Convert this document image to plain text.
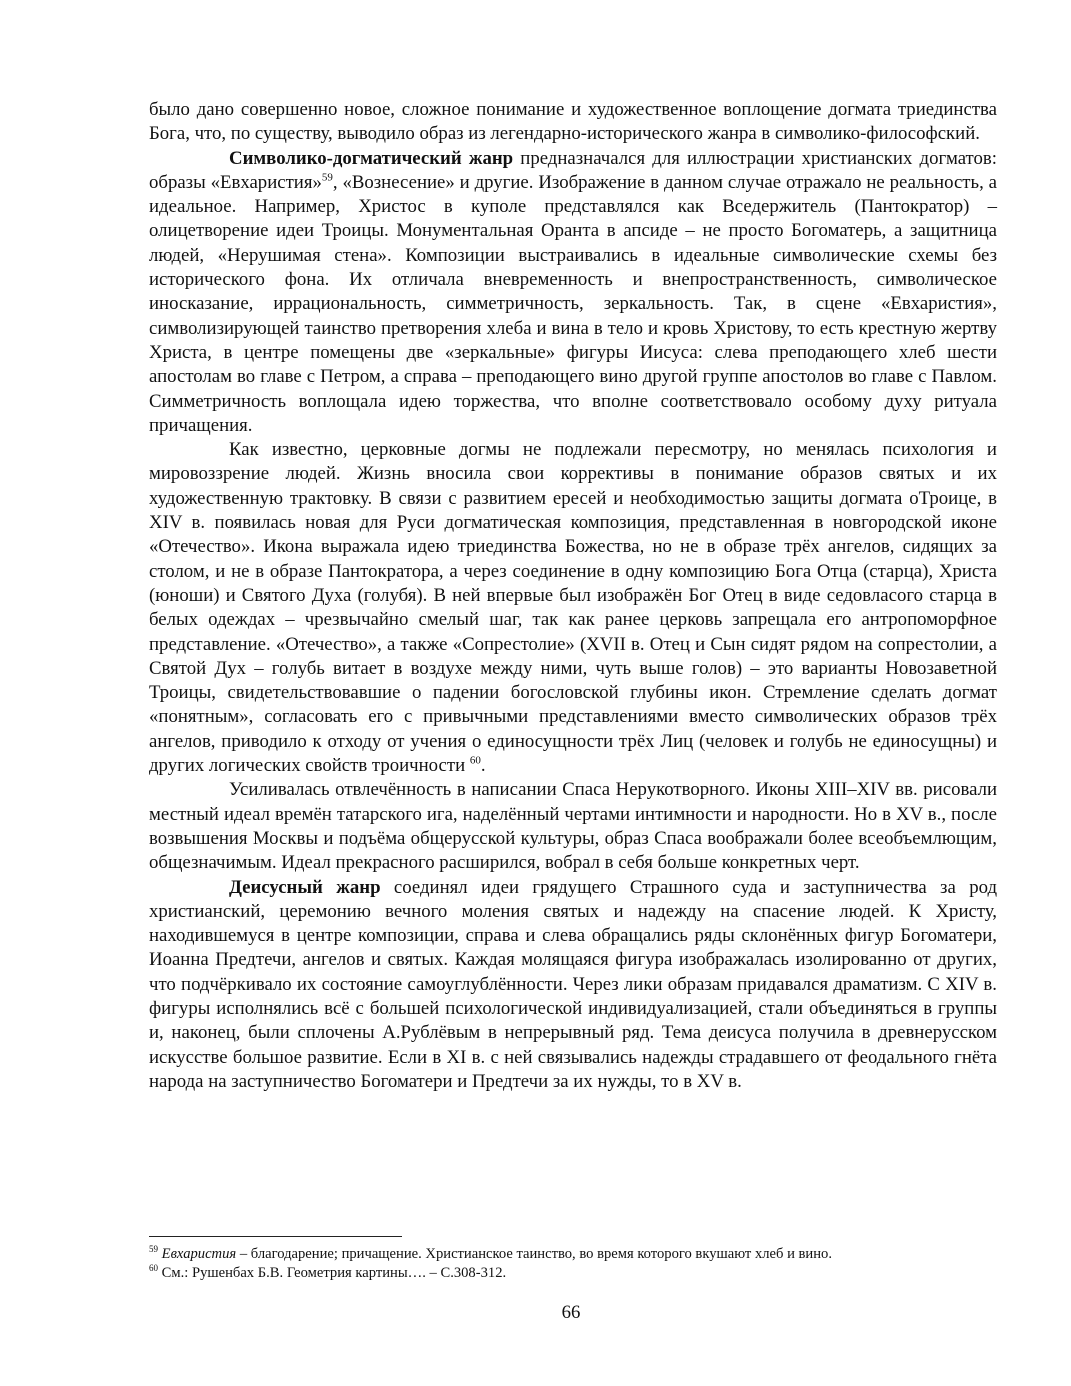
было дано совершенно новое, сложное понимание и художественное воплощение догмата триединства Бога, что, по существу, выводило образ из легендарно-исторического жанра в символико-философский.

Символико-догматический жанр предназначался для иллюстрации христианских догматов: образы «Евхаристия»$^{59}$, «Вознесение» и другие. Изображение в данном случае отражало не реальность, а идеальное. Например, Христос в куполе представлялся как Вседержитель (Пантократор) – олицетворение идеи Троицы. Монументальная Оранта в апсиде – не просто Богоматерь, а защитница людей, «Нерушимая стена». Композиции выстраивались в идеальные символические схемы без исторического фона. Их отличала вневременность и внепространственность, символическое иносказание, иррациональность, симметричность, зеркальность. Так, в сцене «Евхаристия», символизирующей таинство претворения хлеба и вина в тело и кровь Христову, то есть крестную жертву Христа, в центре помещены две «зеркальные» фигуры Иисуса: слева преподающего хлеб шести апостолам во главе с Петром, а справа – преподающего вино другой группе апостолов во главе с Павлом. Симметричность воплощала идею торжества, что вполне соответствовало особому духу ритуала причащения.

Как известно, церковные догмы не подлежали пересмотру, но менялась психология и мировоззрение людей. Жизнь вносила свои коррективы в понимание образов святых и их художественную трактовку. В связи с развитием ересей и необходимостью защиты догмата оТроице, в XIV в. появилась новая для Руси догматическая композиция, представленная в новгородской иконе «Отечество». Икона выражала идею триединства Божества, но не в образе трёх ангелов, сидящих за столом, и не в образе Пантократора, а через соединение в одну композицию Бога Отца (старца), Христа (юноши) и Святого Духа (голубя). В ней впервые был изображён Бог Отец в виде седовласого старца в белых одеждах – чрезвычайно смелый шаг, так как ранее церковь запрещала его антропоморфное представление. «Отечество», а также «Сопрестолие» (XVII в. Отец и Сын сидят рядом на сопрестолии, а Святой Дух – голубь витает в воздухе между ними, чуть выше голов) – это варианты Новозаветной Троицы, свидетельствовавшие о падении богословской глубины икон. Стремление сделать догмат «понятным», согласовать его с привычными представлениями вместо символических образов трёх ангелов, приводило к отходу от учения о единосущности трёх Лиц (человек и голубь не единосущны) и других логических свойств троичности $^{60}$.

Усиливалась отвлечённость в написании Спаса Нерукотворного. Иконы XIII–XIV вв. рисовали местный идеал времён татарского ига, наделённый чертами интимности и народности. Но в XV в., после возвышения Москвы и подъёма общерусской культуры, образ Спаса воображали более всеобъемлющим, общезначимым. Идеал прекрасного расширился, вобрал в себя больше конкретных черт.

Деисусный жанр соединял идеи грядущего Страшного суда и заступничества за род христианский, церемонию вечного моления святых и надежду на спасение людей. К Христу, находившемуся в центре композиции, справа и слева обращались ряды склонённых фигур Богоматери, Иоанна Предтечи, ангелов и святых. Каждая молящаяся фигура изображалась изолированно от других, что подчёркивало их состояние самоуглублённости. Через лики образам придавался драматизм. С XIV в. фигуры исполнялись всё с большей психологической индивидуализацией, стали объединяться в группы и, наконец, были сплочены А.Рублёвым в непрерывный ряд. Тема деисуса получила в древнерусском искусстве большое развитие. Если в XI в. с ней связывались надежды страдавшего от феодального гнёта народа на заступничество Богоматери и Предтечи за их нужды, то в XV в.

$^{59}$ Евхаристия – благодарение; причащение. Христианское таинство, во время которого вкушают хлеб и вино.

$^{60}$ См.: Рушенбах Б.В. Геометрия картины…. – С.308-312.

66
